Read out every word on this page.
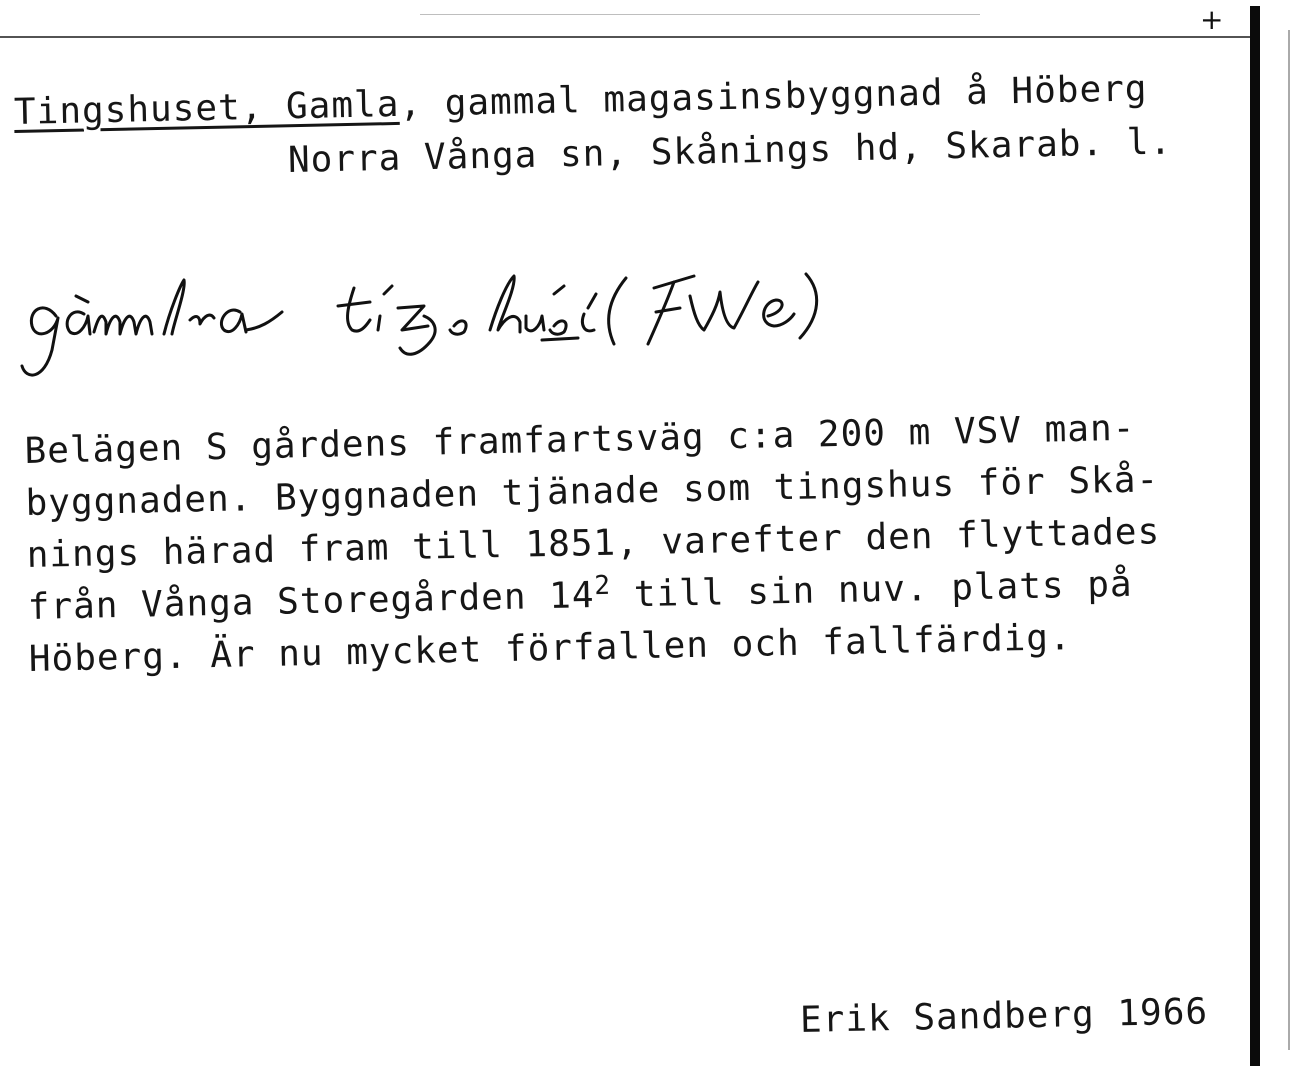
+
Tingshuset, Gamla, gammal magasinsbyggnad å Höberg
Norra Vånga sn, Skånings hd, Skarab. l.
Belägen S gårdens framfartsväg c:a 200 m VSV man-
byggnaden. Byggnaden tjänade som tingshus för Skå-
nings härad fram till 1851, varefter den flyttades
från Vånga Storegården $14^2$ till sin nuv. plats på
Höberg. Är nu mycket förfallen och fallfärdig.
Erik Sandberg 1966
